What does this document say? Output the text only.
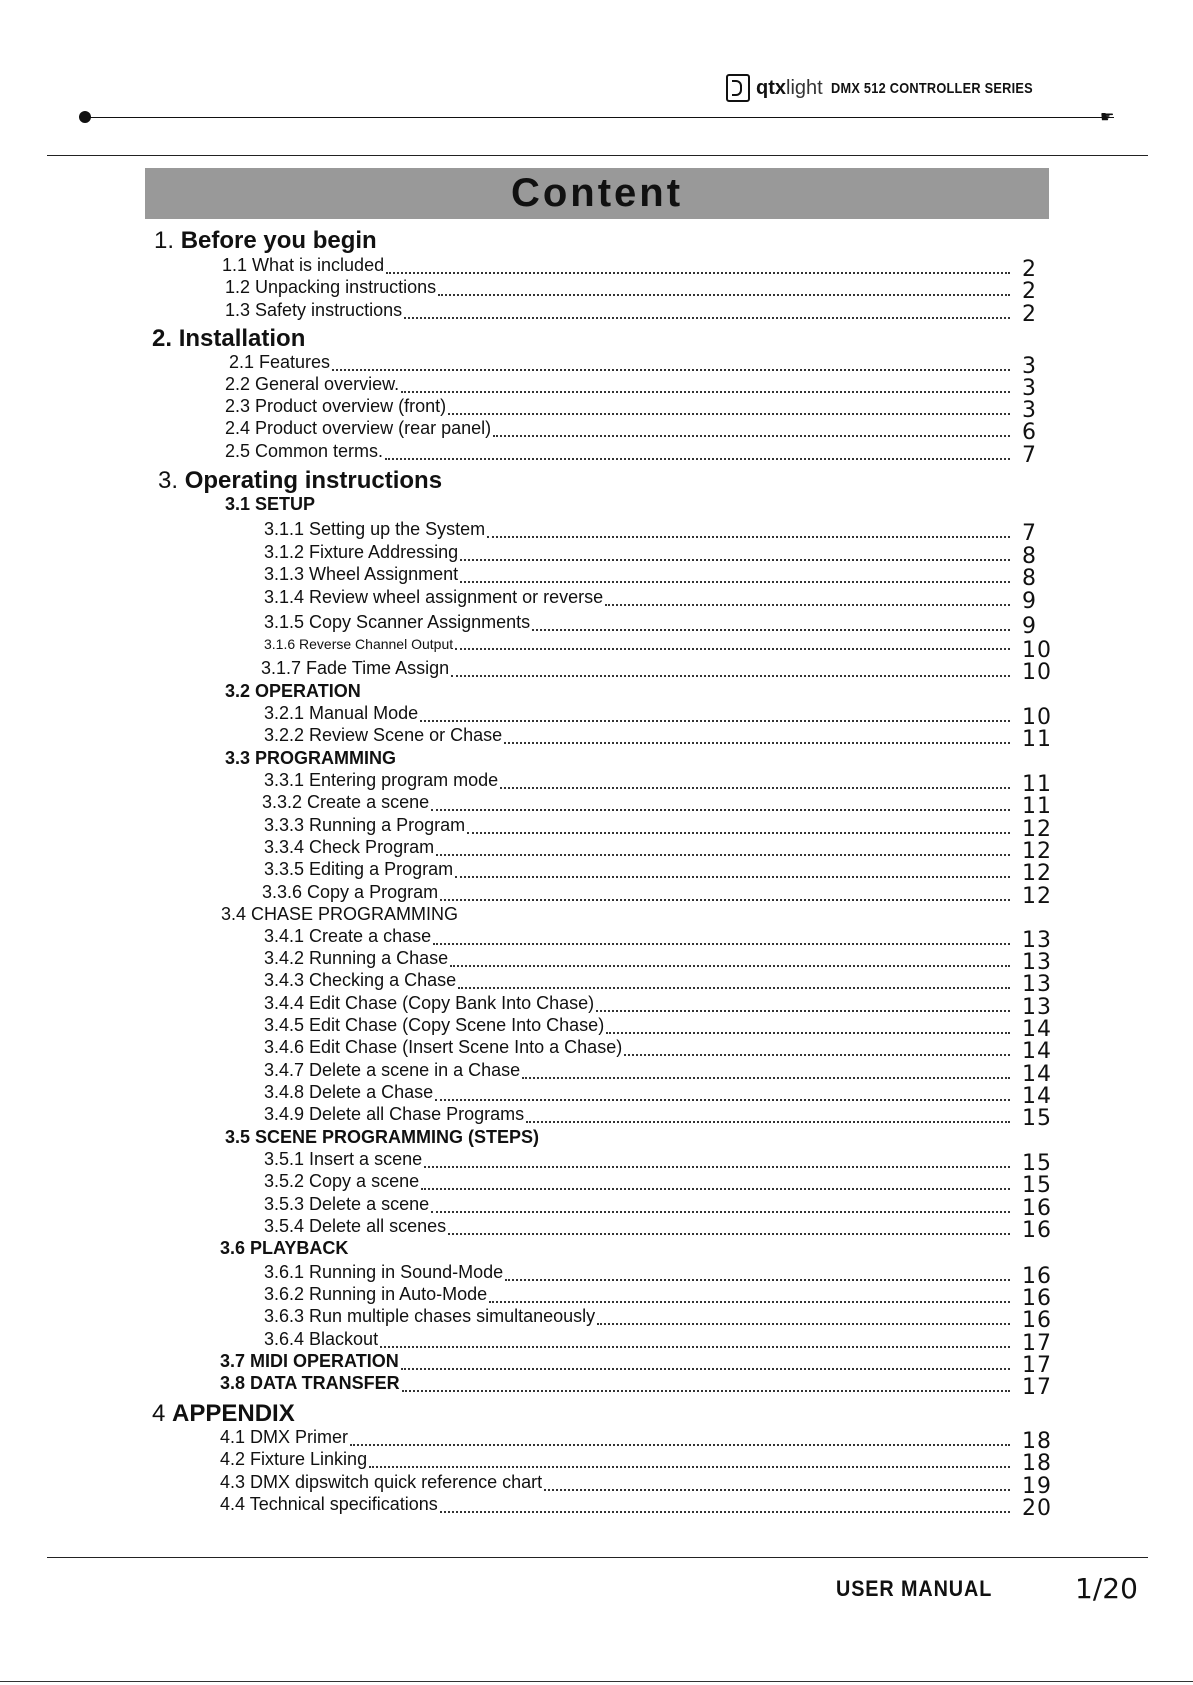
qtxlight DMX 512 CONTROLLER SERIES
☛
Content
1. Before you begin
1.1 What is included	2
1.2 Unpacking instructions	2
1.3 Safety instructions	2
2. Installation
2.1 Features	3
2.2 General overview.	3
2.3 Product overview (front)	3
2.4 Product overview (rear panel)	6
2.5 Common terms.	7
3. Operating instructions
3.1 SETUP
3.1.1 Setting up the System	7
3.1.2 Fixture Addressing	8
3.1.3 Wheel Assignment	8
3.1.4 Review wheel assignment or reverse	9
3.1.5 Copy Scanner Assignments	9
3.1.6 Reverse Channel Output	10
3.1.7 Fade Time Assign	10
3.2 OPERATION
3.2.1 Manual Mode	10
3.2.2 Review Scene or Chase	11
3.3 PROGRAMMING
3.3.1 Entering program mode	11
3.3.2 Create a scene	11
3.3.3 Running a Program	12
3.3.4 Check Program	12
3.3.5 Editing a Program	12
3.3.6 Copy a Program	12
3.4 CHASE PROGRAMMING
3.4.1 Create a chase	13
3.4.2 Running a Chase	13
3.4.3 Checking a Chase	13
3.4.4 Edit Chase (Copy Bank Into Chase)	13
3.4.5 Edit Chase (Copy Scene Into Chase)	14
3.4.6 Edit Chase (Insert Scene Into a Chase)	14
3.4.7 Delete a scene in a Chase	14
3.4.8 Delete a Chase	14
3.4.9 Delete all Chase Programs	15
3.5 SCENE PROGRAMMING (STEPS)
3.5.1 Insert a scene	15
3.5.2 Copy a scene	15
3.5.3 Delete a scene	16
3.5.4 Delete all scenes	16
3.6 PLAYBACK
3.6.1 Running in Sound-Mode	16
3.6.2 Running in Auto-Mode	16
3.6.3 Run multiple chases simultaneously	16
3.6.4 Blackout	17
3.7 MIDI OPERATION	17
3.8 DATA TRANSFER	17
4 APPENDIX
4.1 DMX Primer	18
4.2 Fixture Linking	18
4.3 DMX dipswitch quick reference chart	19
4.4 Technical specifications	20
USER MANUAL	1/20
